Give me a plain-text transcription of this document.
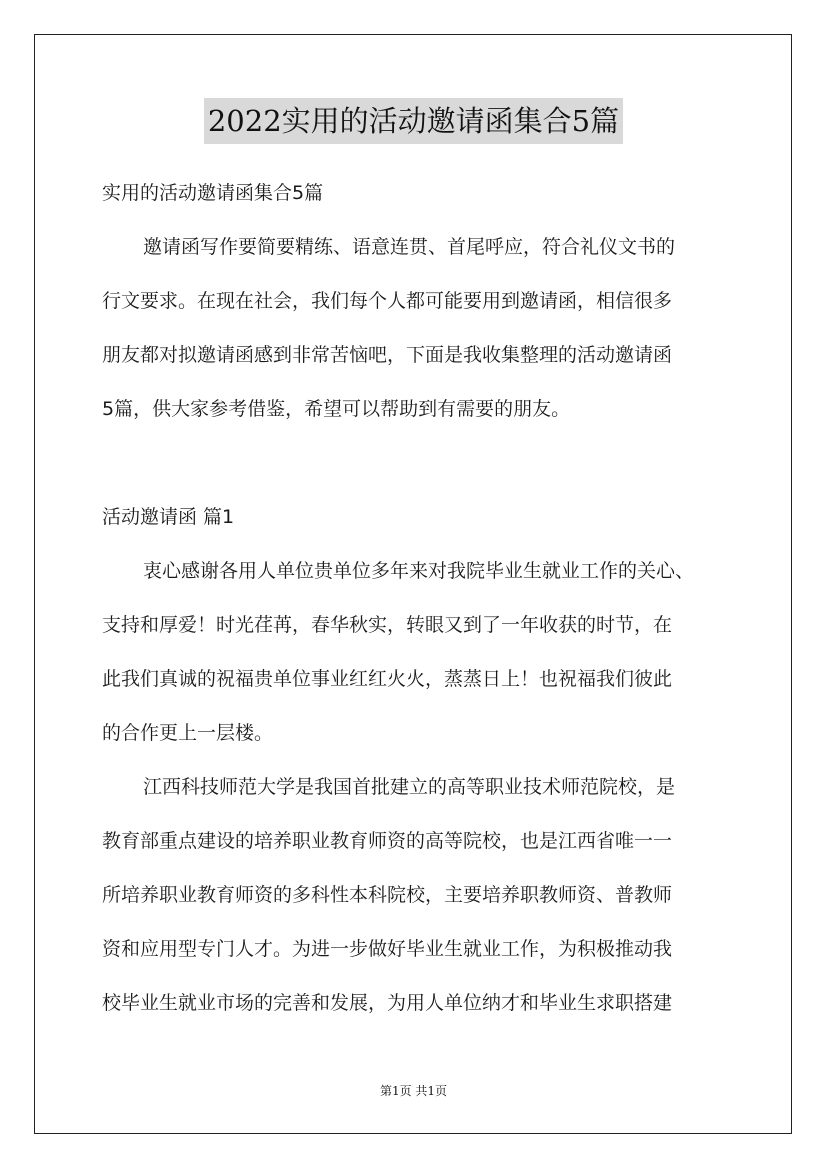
2022实用的活动邀请函集合5篇
实用的活动邀请函集合5篇
邀请函写作要简要精练、语意连贯、首尾呼应，符合礼仪文书的
行文要求。在现在社会，我们每个人都可能要用到邀请函，相信很多
朋友都对拟邀请函感到非常苦恼吧，下面是我收集整理的活动邀请函
5篇，供大家参考借鉴，希望可以帮助到有需要的朋友。
活动邀请函 篇1
衷心感谢各用人单位贵单位多年来对我院毕业生就业工作的关心、
支持和厚爱！时光荏苒，春华秋实，转眼又到了一年收获的时节，在
此我们真诚的祝福贵单位事业红红火火，蒸蒸日上！也祝福我们彼此
的合作更上一层楼。
江西科技师范大学是我国首批建立的高等职业技术师范院校，是
教育部重点建设的培养职业教育师资的高等院校，也是江西省唯一一
所培养职业教育师资的多科性本科院校，主要培养职教师资、普教师
资和应用型专门人才。为进一步做好毕业生就业工作，为积极推动我
校毕业生就业市场的完善和发展，为用人单位纳才和毕业生求职搭建
第1页 共1页
